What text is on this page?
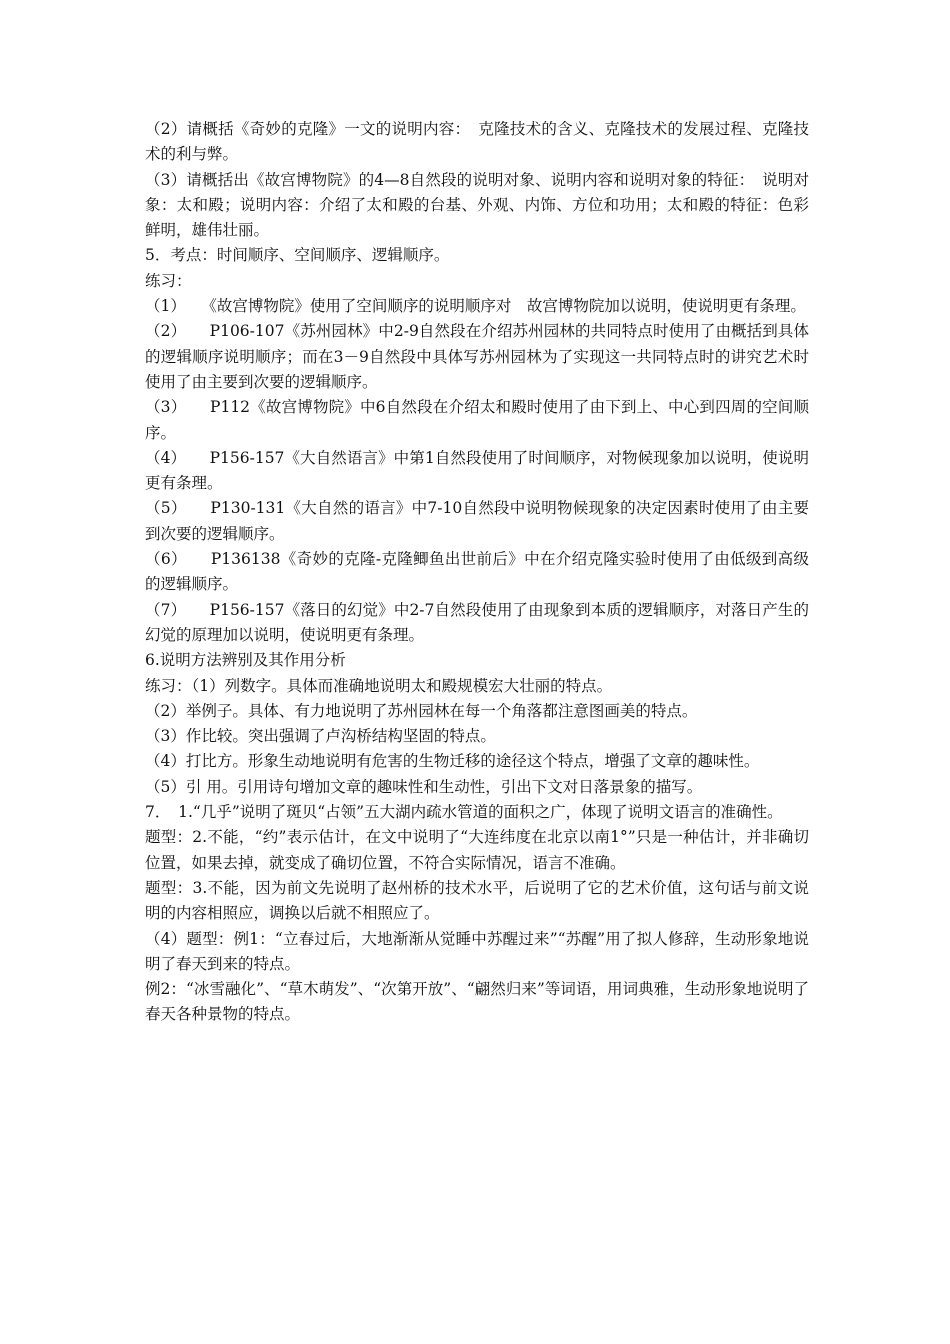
（2）请概括《奇妙的克隆》一文的说明内容：　克隆技术的含义、克隆技术的发展过程、克隆技术的利与弊。

（3）请概括出《故宫博物院》的4—8自然段的说明对象、说明内容和说明对象的特征：　说明对象：太和殿；说明内容：介绍了太和殿的台基、外观、内饰、方位和功用；太和殿的特征：色彩鲜明，雄伟壮丽。

5．考点：时间顺序、空间顺序、逻辑顺序。

练习：

（1）　　《故宫博物院》使用了空间顺序的说明顺序对　故宫博物院加以说明，使说明更有条理。

（2）　　P106-107《苏州园林》中2-9自然段在介绍苏州园林的共同特点时使用了由概括到具体的逻辑顺序说明顺序；而在3－9自然段中具体写苏州园林为了实现这一共同特点时的讲究艺术时使用了由主要到次要的逻辑顺序。

（3）　　P112《故宫博物院》中6自然段在介绍太和殿时使用了由下到上、中心到四周的空间顺序。

（4）　　P156-157《大自然语言》中第1自然段使用了时间顺序，对物候现象加以说明，使说明更有条理。

（5）　　P130-131《大自然的语言》中7-10自然段中说明物候现象的决定因素时使用了由主要到次要的逻辑顺序。

（6）　　P136138《奇妙的克隆-克隆鲫鱼出世前后》中在介绍克隆实验时使用了由低级到高级的逻辑顺序。

（7）　　P156-157《落日的幻觉》中2-7自然段使用了由现象到本质的逻辑顺序，对落日产生的幻觉的原理加以说明，使说明更有条理。

6.说明方法辨别及其作用分析

练习：（1）列数字。具体而准确地说明太和殿规模宏大壮丽的特点。

（2）举例子。具体、有力地说明了苏州园林在每一个角落都注意图画美的特点。

（3）作比较。突出强调了卢沟桥结构坚固的特点。

（4）打比方。形象生动地说明有危害的生物迁移的途径这个特点，增强了文章的趣味性。

（5）引 用。引用诗句增加文章的趣味性和生动性，引出下文对日落景象的描写。

7．　1.“几乎”说明了斑贝“占领”五大湖内疏水管道的面积之广，体现了说明文语言的准确性。

题型：2.不能，“约”表示估计，在文中说明了“大连纬度在北京以南1°”只是一种估计，并非确切位置，如果去掉，就变成了确切位置，不符合实际情况，语言不准确。

题型：3.不能，因为前文先说明了赵州桥的技术水平，后说明了它的艺术价值，这句话与前文说明的内容相照应，调换以后就不相照应了。

（4）题型：例1：“立春过后，大地渐渐从觉睡中苏醒过来”“苏醒”用了拟人修辞，生动形象地说明了春天到来的特点。

例2：“冰雪融化”、“草木萌发”、“次第开放”、“翩然归来”等词语，用词典雅，生动形象地说明了春天各种景物的特点。
